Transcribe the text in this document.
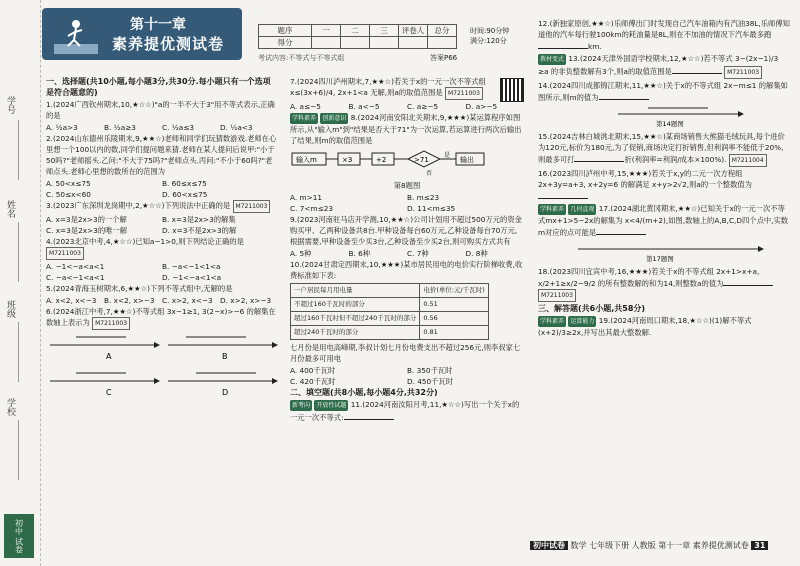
学号
姓名
班级
学校
初中 试卷
第十一章
素养提优测试卷
题序	一	二	三	评卷人	总分
得分					
时间:90分钟
满分:120分
考试内容:不等式与不等式组	答案P66

一、选择题(共10小题,每小题3分,共30分.每小题只有一个选项是符合题意的)

1.(2024广西钦州期末,10,★☆☆)"a的一半不大于3"用不等式表示,正确的是

A. ½a>3	B. ½a≥3	C. ½a≤3	D. ½a<3

2.(2024山东德州乐陵期末,9,★★☆)老师和同学们玩猜数游戏.老师在心里想一个100以内的数,同学们提问题来猜.老师在某人提问后说甲:"小于50吗?"老师摇头.乙问:"不大于75吗?"老师点头.丙问:"不小于60吗?"老师点头.老师心里想的数所在的范围为

A. 50<x≤75	B. 60≤x≤75
C. 50≤x<60	D. 60<x≤75

3.(2023广东深圳龙岗期中,2,★☆☆)下列说法中正确的是 M7211003

A. x=3是2x>3的一个解	B. x=3是2x>3的解集
C. x=3是2x>3的唯一解	D. x=3不是2x>3的解

4.(2023北京中考,4,★☆☆)已知a−1>0,则下列结论正确的是 M7211003

A. −1<−a<a<1	B. −a<−1<1<a
C. −a<−1<a<1	D. −1<−a<1<a

5.(2024青海玉树期末,6,★★☆)下列不等式组中,无解的是

A. x<2, x<−3	B. x<2, x>−3	C. x>2, x<−3	D. x>2, x>−3

6.(2024浙江中考,7,★★☆)不等式组 3x−1≥1, 3(2−x)>−6 的解集在数轴上表示为 M7211003

A	B
C	D

7.(2024四川泸州期末,7,★★☆)若关于x的一元一次不等式组 x≤(3x+6)/4, 2x+1<a 无解,则a的取值范围是 M7211003

A. a≤−5	B. a<−5	C. a≥−5	D. a>−5

学科素养 创新意识 8.(2024河南安阳北关期末,9,★★★)某运算程序如图所示,从"输入m"到"结果是否大于71"为一次运算,若运算进行两次后输出了结果,则m的取值范围是

输入m	×3	+2	>71
是
输出
否

第8题图

A. m>11	B. m≤23
C. 7<m≤23	D. 11<m≤35

9.(2023河南驻马店开学测,10,★★☆)公司计划用不超过500万元的资金购买甲、乙两种设备共8台.甲种设备每台60万元,乙种设备每台70万元,根据需要,甲种设备至少买3台,乙种设备至少买2台,则可购买方式共有

A. 5种	B. 6种	C. 7种	D. 8种

10.(2024甘肃定西期末,10,★★★)某市居民用电的电价实行阶梯收费,收费标准如下表:

一户居民每月用电量	电价(单位:元/千瓦时)
不超过160千瓦时的部分	0.51
超过160千瓦时但不超过240千瓦时的部分	0.56
超过240千瓦时的部分	0.81

七月份是用电高峰期,李叔计划七月份电费支出不超过256元,则李叔家七月份最多可用电

A. 400千瓦时	B. 350千瓦时
C. 420千瓦时	D. 450千瓦时

二、填空题(共8小题,每小题4分,共32分)

新考向 开放性试题 11.(2024河南汝阳月考,11,★☆☆)写出一个关于x的一元一次不等式:

12.(新独家原创,★★☆)乐师傅出门时发现自己汽车油箱内有汽油38L,乐师傅知道他的汽车每行驶100km的耗油量是8L,则在不加油的情况下汽车最多跑km.

教材变式 13.(2024天津外国语学校期末,12,★☆☆)若不等式 3−(2x−1)/3 ≥a 的非负整数解有3个,则a的取值范围是	M7211003

14.(2024四川成都锦江期末,11,★★☆)关于x的不等式组 2x−m≤1 的解集如图所示,则m的值为

第14题图

15.(2024吉林白城洮北期末,15,★★☆)某商场销售大熊猫毛绒玩具,每个进价为120元,标价为180元,为了促销,商场决定打折销售,但利润率不能低于20%,则最多可打	折(利润率=利润/成本×100%). M7211004

16.(2023四川泸州中考,15,★★★)若关于x,y的二元一次方程组 2x+3y=a+3, x+2y=6 的解满足 x+y>2√2,则a的一个整数值为

学科素养 几何直观 17.(2024湖北黄冈期末,★★☆)已知关于x的一元一次不等式mx+1>5−2x的解集为 x<4/(m+2),如图,数轴上的A,B,C,D四个点中,实数m对应的点可能是

第17题图

18.(2023四川宜宾中考,16,★★★)若关于x的不等式组 2x+1>x+a, x/2+1≥x/2−9/2 的所有整数解的和为14,则整数a的值为 M7211003

三、解答题(共6小题,共58分)

学科素养 运算能力 19.(2024河南周口期末,18,★☆☆)(1)解不等式 (x+2)/3≥2x,并写出其最大整数解.

初中试卷 数学 七年级下册 人教版 第十一章 素养提优测试卷 31
